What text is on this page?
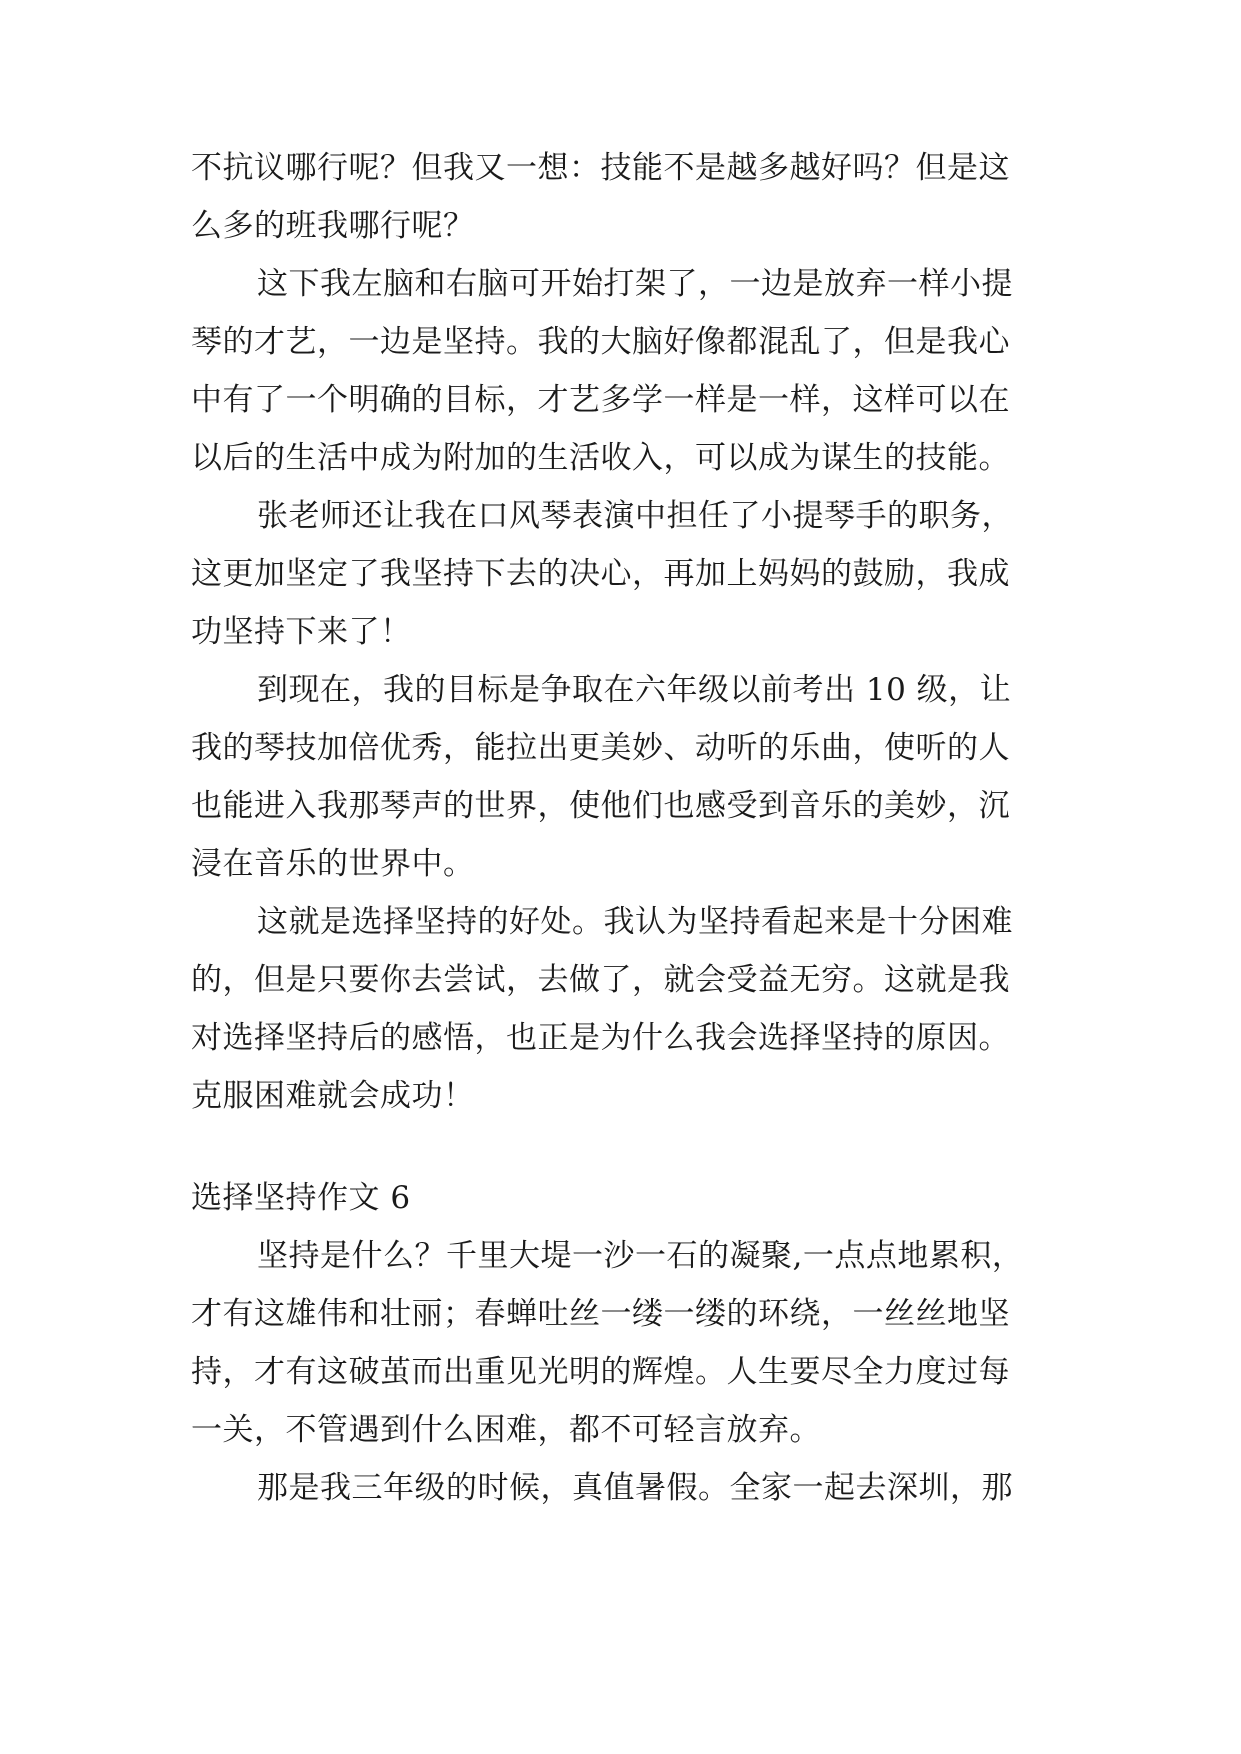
不抗议哪行呢？但我又一想：技能不是越多越好吗？但是这
么多的班我哪行呢？
这下我左脑和右脑可开始打架了，一边是放弃一样小提
琴的才艺，一边是坚持。我的大脑好像都混乱了，但是我心
中有了一个明确的目标，才艺多学一样是一样，这样可以在
以后的生活中成为附加的生活收入，可以成为谋生的技能。
张老师还让我在口风琴表演中担任了小提琴手的职务，
这更加坚定了我坚持下去的决心，再加上妈妈的鼓励，我成
功坚持下来了！
到现在，我的目标是争取在六年级以前考出 10 级，让
我的琴技加倍优秀，能拉出更美妙、动听的乐曲，使听的人
也能进入我那琴声的世界，使他们也感受到音乐的美妙，沉
浸在音乐的世界中。
这就是选择坚持的好处。我认为坚持看起来是十分困难
的，但是只要你去尝试，去做了，就会受益无穷。这就是我
对选择坚持后的感悟，也正是为什么我会选择坚持的原因。
克服困难就会成功！
选择坚持作文 6
坚持是什么？千里大堤一沙一石的凝聚,一点点地累积，
才有这雄伟和壮丽；春蝉吐丝一缕一缕的环绕，一丝丝地坚
持，才有这破茧而出重见光明的辉煌。人生要尽全力度过每
一关，不管遇到什么困难，都不可轻言放弃。
那是我三年级的时候，真值暑假。全家一起去深圳，那
